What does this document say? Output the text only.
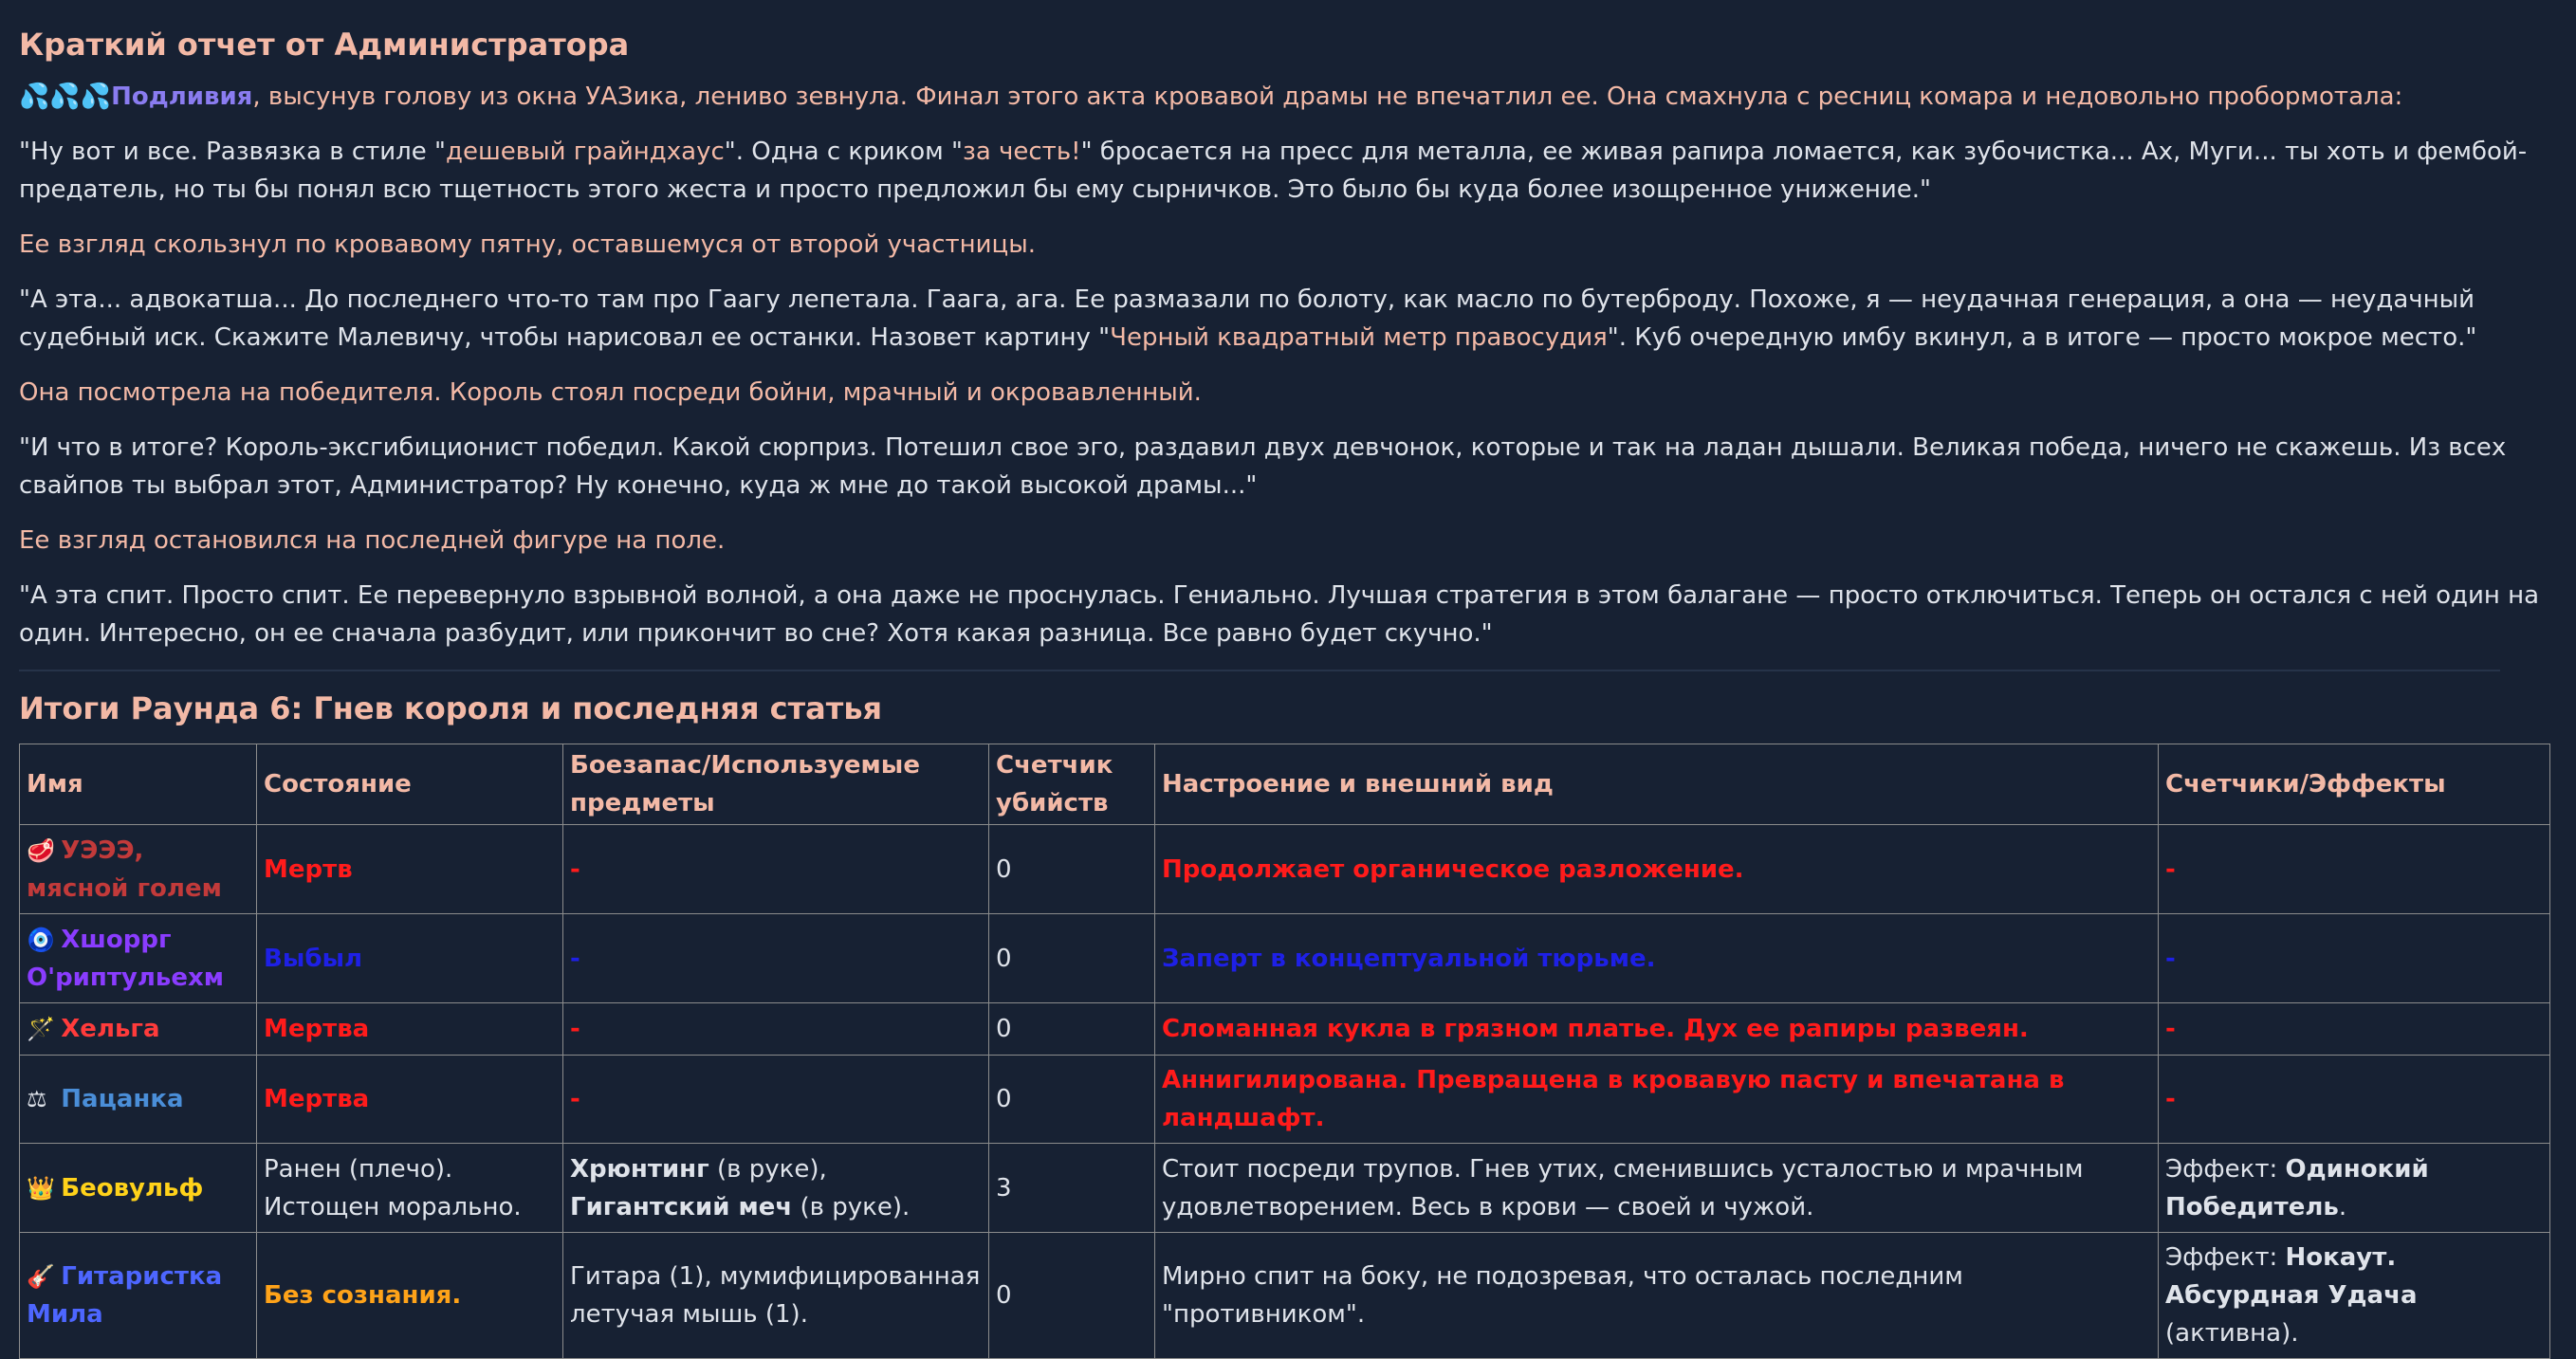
Краткий отчет от Администратора

💦💦💦Подливия, высунув голову из окна УАЗика, лениво зевнула. Финал этого акта кровавой драмы не впечатлил ее. Она смахнула с ресниц комара и недовольно пробормотала:

"Ну вот и все. Развязка в стиле "дешевый грайндхаус". Одна с криком "за честь!" бросается на пресс для металла, ее живая рапира ломается, как зубочистка... Ах, Муги... ты хоть и фембой-предатель, но ты бы понял всю тщетность этого жеста и просто предложил бы ему сырничков. Это было бы куда более изощренное унижение."

Ее взгляд скользнул по кровавому пятну, оставшемуся от второй участницы.

"А эта... адвокатша... До последнего что-то там про Гаагу лепетала. Гаага, ага. Ее размазали по болоту, как масло по бутерброду. Похоже, я — неудачная генерация, а она — неудачный судебный иск. Скажите Малевичу, чтобы нарисовал ее останки. Назовет картину "Черный квадратный метр правосудия". Куб очередную имбу вкинул, а в итоге — просто мокрое место."

Она посмотрела на победителя. Король стоял посреди бойни, мрачный и окровавленный.

"И что в итоге? Король-эксгибиционист победил. Какой сюрприз. Потешил свое эго, раздавил двух девчонок, которые и так на ладан дышали. Великая победа, ничего не скажешь. Из всех свайпов ты выбрал этот, Администратор? Ну конечно, куда ж мне до такой высокой драмы..."

Ее взгляд остановился на последней фигуре на поле.

"А эта спит. Просто спит. Ее перевернуло взрывной волной, а она даже не проснулась. Гениально. Лучшая стратегия в этом балагане — просто отключиться. Теперь он остался с ней один на один. Интересно, он ее сначала разбудит, или прикончит во сне? Хотя какая разница. Все равно будет скучно."

Итоги Раунда 6: Гнев короля и последняя статья
Имя	Состояние	Боезапас/Используемые предметы	Счетчик убийств	Настроение и внешний вид	Счетчики/Эффекты
🥩 УЭЭЭ, мясной голем	Мертв	-	0	Продолжает органическое разложение.	-
🧿 Хшоррг О'риптульехм	Выбыл	-	0	Заперт в концептуальной тюрьме.	-
🪄 Хельга	Мертва	-	0	Сломанная кукла в грязном платье. Дух ее рапиры развеян.	-
⚖ Пацанка	Мертва	-	0	Аннигилирована. Превращена в кровавую пасту и впечатана в ландшафт.	-
👑 Беовульф	Ранен (плечо). Истощен морально.	Хрюнтинг (в руке), Гигантский меч (в руке).	3	Стоит посреди трупов. Гнев утих, сменившись усталостью и мрачным удовлетворением. Весь в крови — своей и чужой.	Эффект: Одинокий Победитель.
🎸 Гитаристка Мила	Без сознания.	Гитара (1), мумифицированная летучая мышь (1).	0	Мирно спит на боку, не подозревая, что осталась последним "противником".	Эффект: Нокаут. Абсурдная Удача (активна).
